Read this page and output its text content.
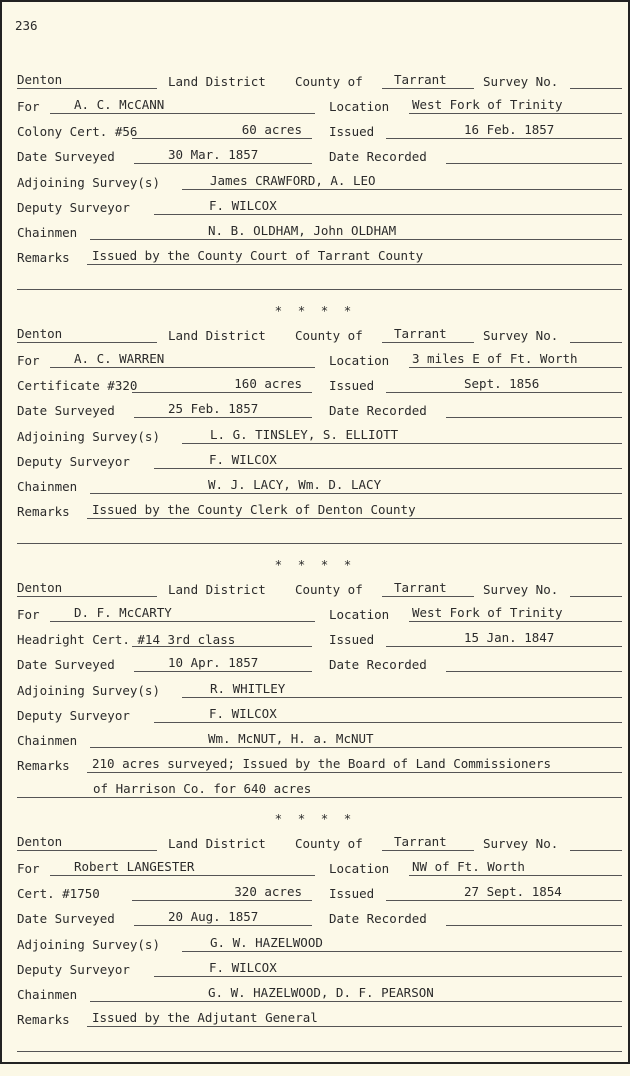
236
Denton	Land District County of	Tarrant	Survey No.
For	A. C. McCANN	Location West Fork of Trinity
Colony Cert. #56	60 acres Issued	16 Feb. 1857
Date Surveyed	30 Mar. 1857	Date Recorded
Adjoining Survey(s)	James CRAWFORD, A. LEO
Deputy Surveyor	F. WILCOX
Chainmen	N. B. OLDHAM, John OLDHAM
Remarks	Issued by the County Court of Tarrant County
* * * *
Denton	Land District County of	Tarrant	Survey No.
For	A. C. WARREN	Location 3 miles E of Ft. Worth
Certificate #320	160 acres Issued	Sept. 1856
Date Surveyed	25 Feb. 1857	Date Recorded
Adjoining Survey(s)	L. G. TINSLEY, S. ELLIOTT
Deputy Surveyor	F. WILCOX
Chainmen	W. J. LACY, Wm. D. LACY
Remarks	Issued by the County Clerk of Denton County
* * * *
Denton	Land District County of	Tarrant	Survey No.
For	D. F. McCARTY	Location West Fork of Trinity
Headright Cert. #14 3rd class	Issued	15 Jan. 1847
Date Surveyed	10 Apr. 1857	Date Recorded
Adjoining Survey(s)	R. WHITLEY
Deputy Surveyor	F. WILCOX
Chainmen	Wm. McNUT, H. a. McNUT
Remarks	210 acres surveyed; Issued by the Board of Land Commissioners
of Harrison Co. for 640 acres
* * * *
Denton	Land District County of	Tarrant	Survey No.
For	Robert LANGESTER	Location NW of Ft. Worth
Cert. #1750	320 acres Issued	27 Sept. 1854
Date Surveyed	20 Aug. 1857	Date Recorded
Adjoining Survey(s)	G. W. HAZELWOOD
Deputy Surveyor	F. WILCOX
Chainmen	G. W. HAZELWOOD, D. F. PEARSON
Remarks	Issued by the Adjutant General
